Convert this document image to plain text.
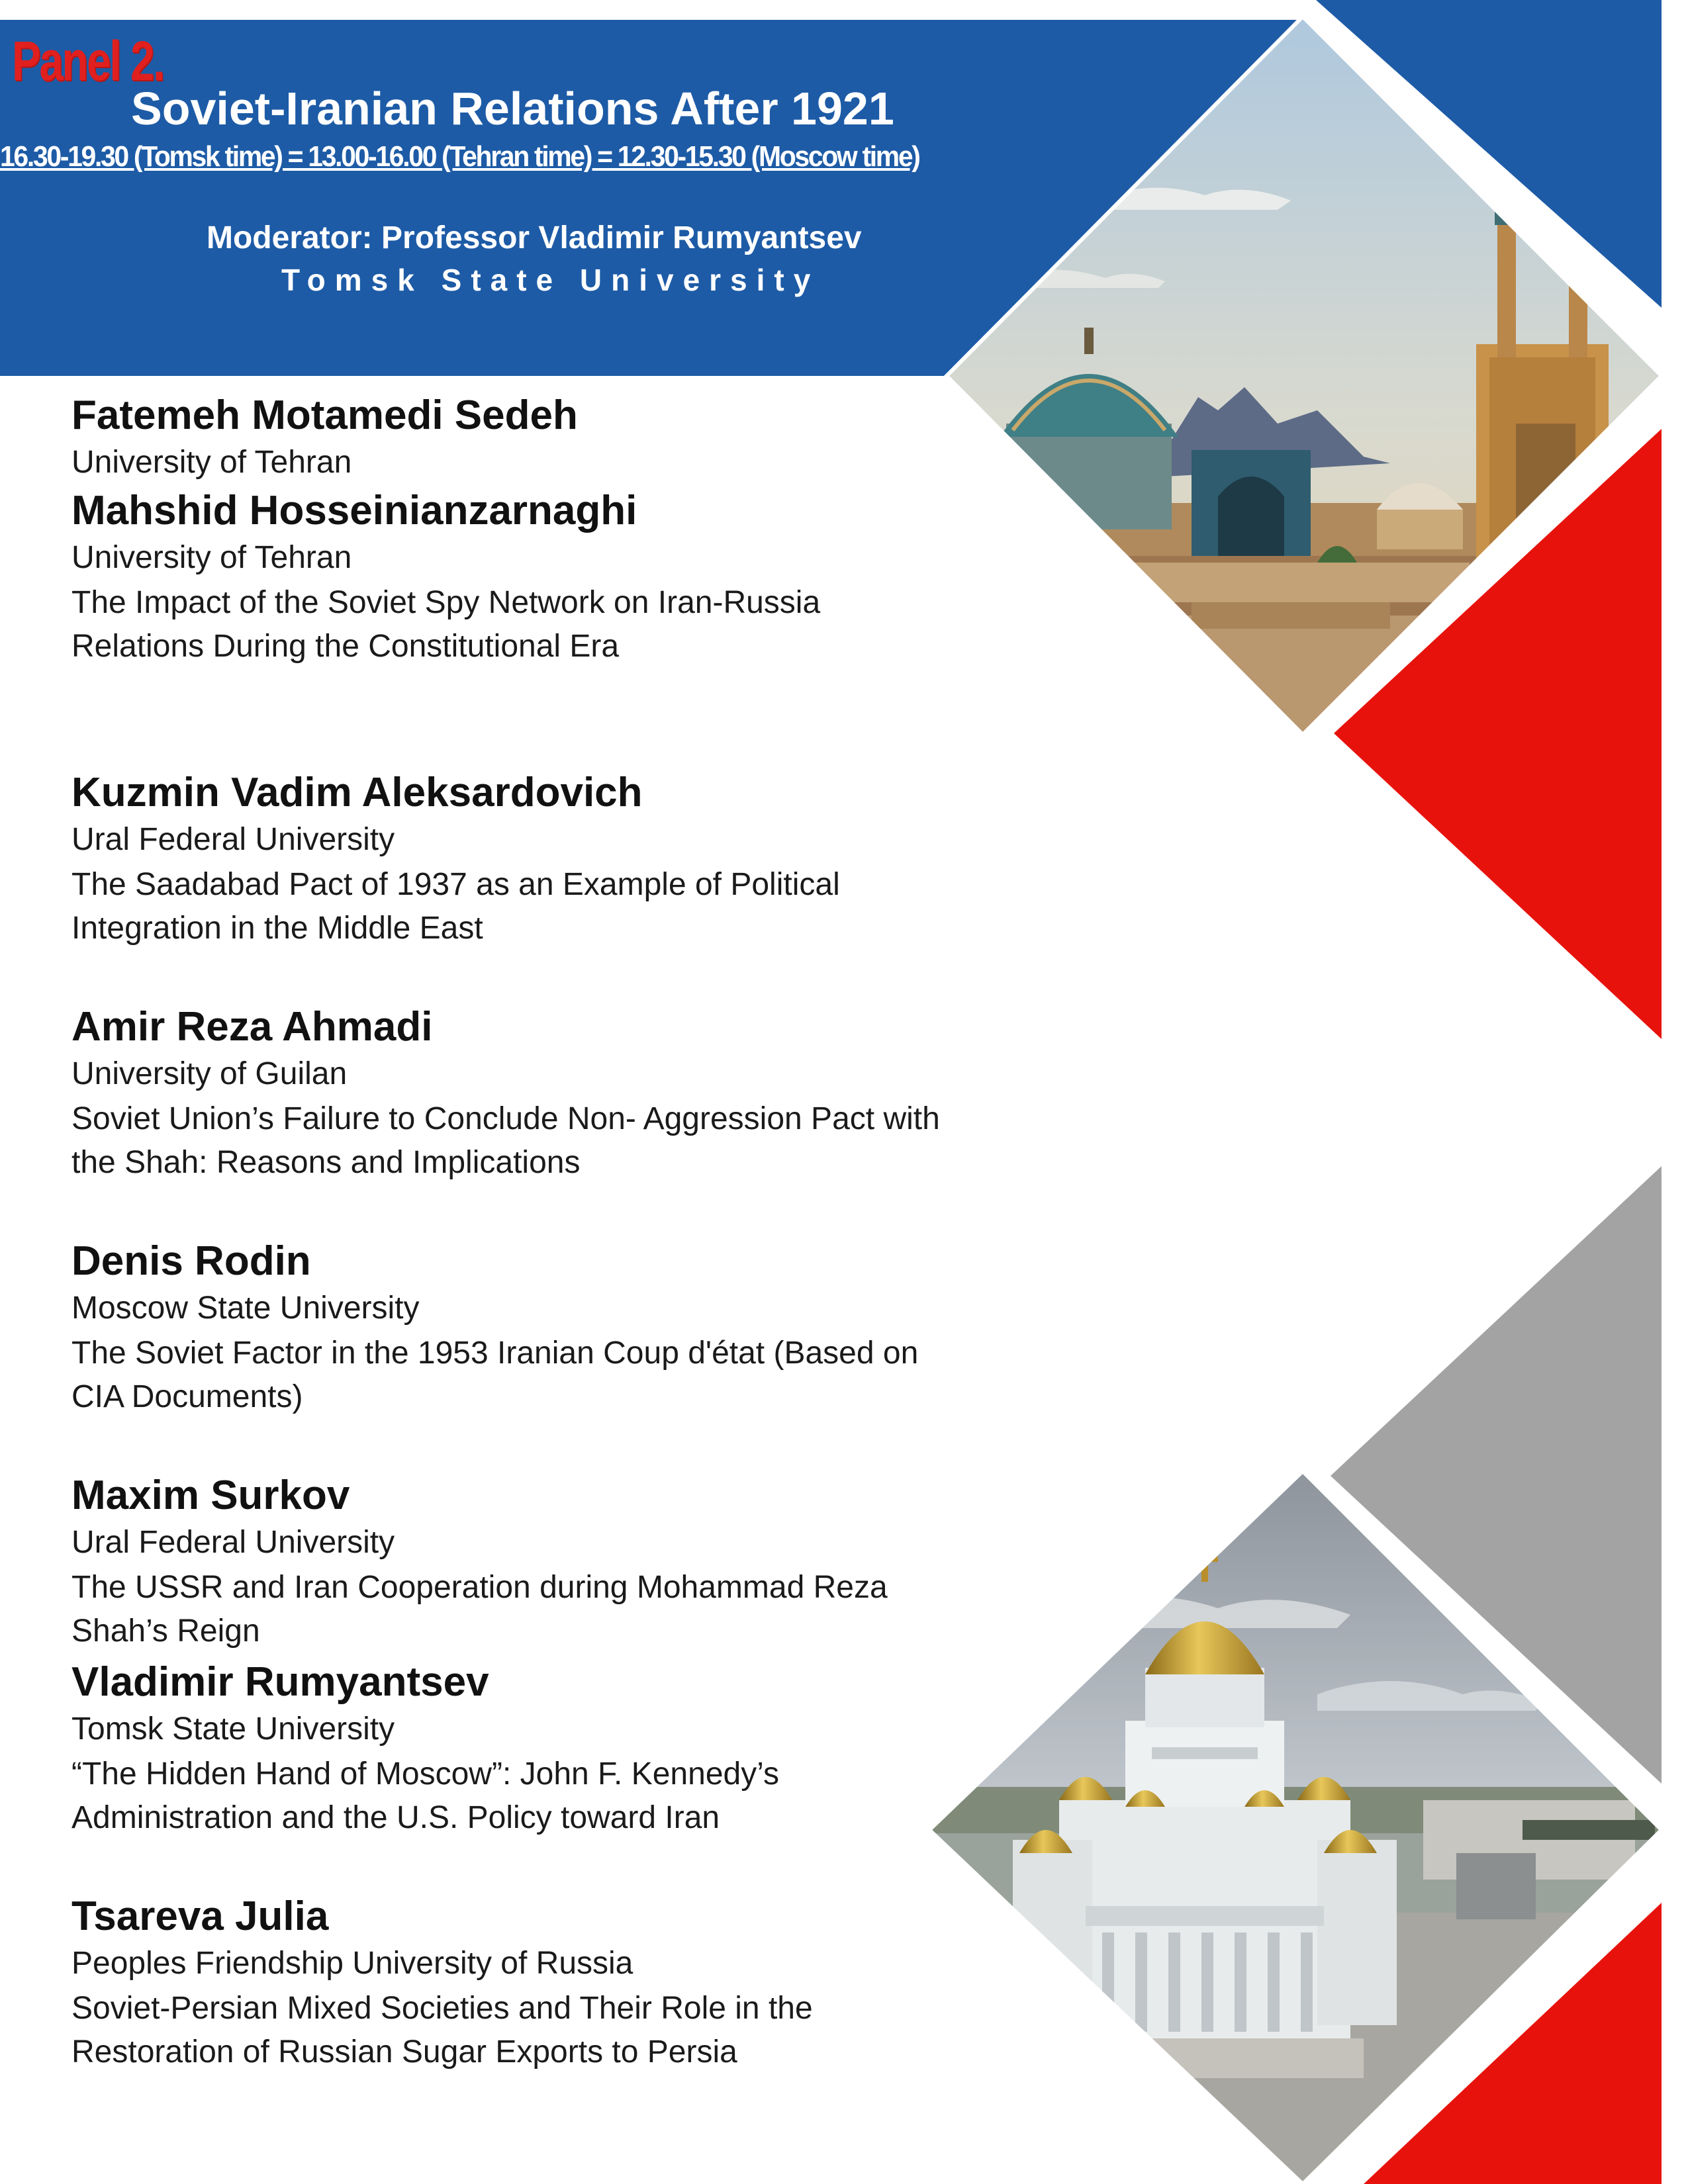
Panel 2.
Soviet-Iranian Relations After 1921
16.30-19.30 (Tomsk time) = 13.00-16.00 (Tehran time) = 12.30-15.30 (Moscow time)
Moderator: Professor Vladimir Rumyantsev
Tomsk State University
Fatemeh Motamedi Sedeh
University of Tehran
Mahshid Hosseinianzarnaghi
University of Tehran
The Impact of the Soviet Spy Network on Iran-Russia Relations During the Constitutional Era
Kuzmin Vadim Aleksardovich
Ural Federal University
The Saadabad Pact of 1937 as an Example of Political Integration in the Middle East
Amir Reza Ahmadi
University of Guilan
Soviet Union’s Failure to Conclude Non- Aggression Pact with the Shah: Reasons and Implications
Denis Rodin
Moscow State University
The Soviet Factor in the 1953 Iranian Coup d'état (Based on CIA Documents)
Maxim Surkov
Ural Federal University
The USSR and Iran Cooperation during Mohammad Reza Shah’s Reign
Vladimir Rumyantsev
Tomsk State University
“The Hidden Hand of Moscow”: John F. Kennedy’s Administration and the U.S. Policy toward Iran
Tsareva Julia
Peoples Friendship University of Russia
Soviet-Persian Mixed Societies and Their Role in the Restoration of Russian Sugar Exports to Persia
